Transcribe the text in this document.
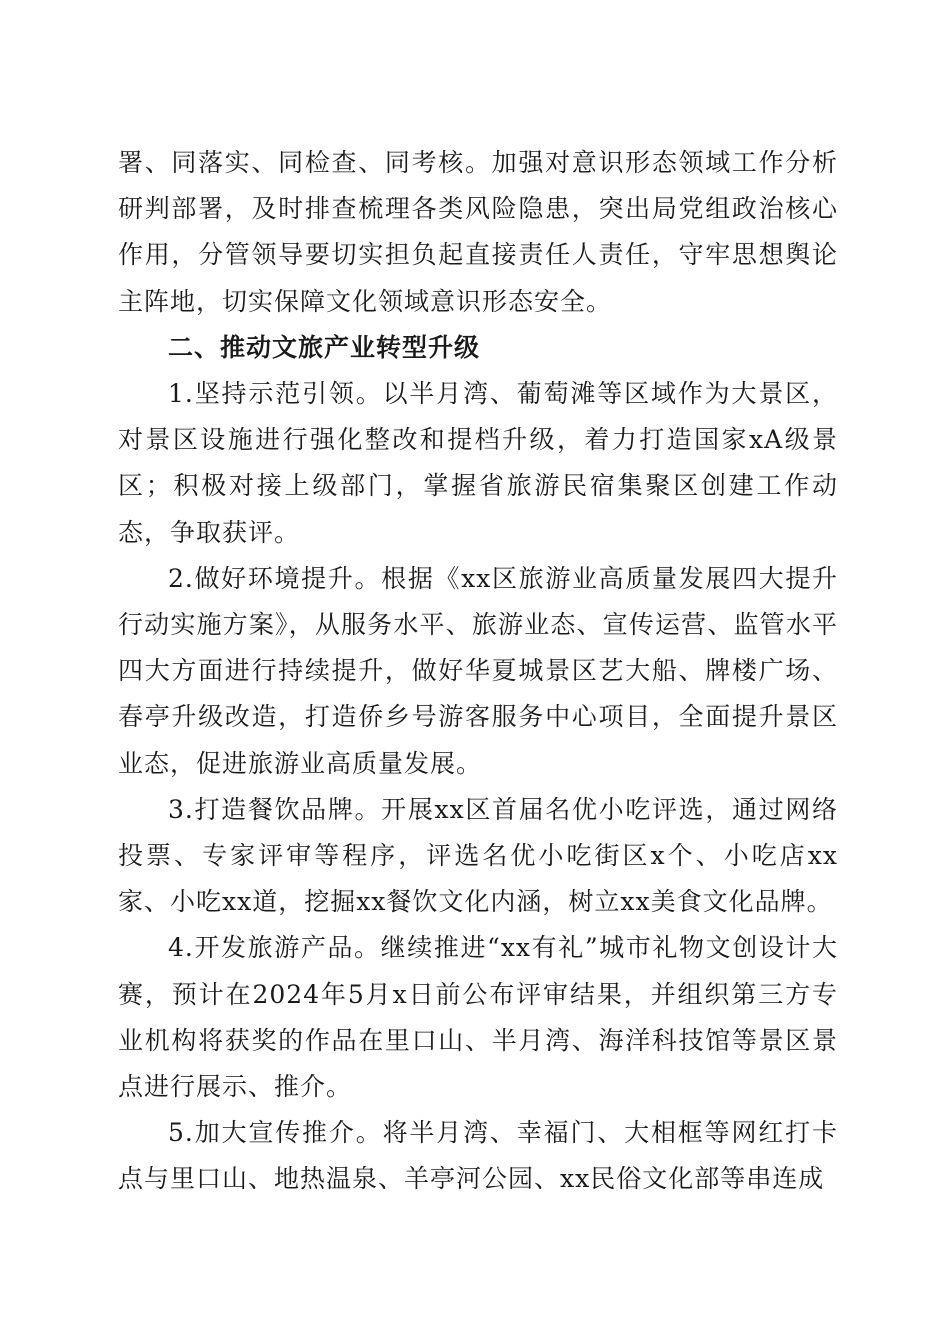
署、同落实、同检查、同考核。加强对意识形态领域工作分析研判部署，及时排查梳理各类风险隐患，突出局党组政治核心作用，分管领导要切实担负起直接责任人责任，守牢思想舆论主阵地，切实保障文化领域意识形态安全。

二、推动文旅产业转型升级

1.坚持示范引领。以半月湾、葡萄滩等区域作为大景区，对景区设施进行强化整改和提档升级，着力打造国家xA级景区；积极对接上级部门，掌握省旅游民宿集聚区创建工作动态，争取获评。

2.做好环境提升。根据《xx区旅游业高质量发展四大提升行动实施方案》，从服务水平、旅游业态、宣传运营、监管水平四大方面进行持续提升，做好华夏城景区艺大船、牌楼广场、春亭升级改造，打造侨乡号游客服务中心项目，全面提升景区业态，促进旅游业高质量发展。

3.打造餐饮品牌。开展xx区首届名优小吃评选，通过网络投票、专家评审等程序，评选名优小吃街区x个、小吃店xx家、小吃xx道，挖掘xx餐饮文化内涵，树立xx美食文化品牌。

4.开发旅游产品。继续推进“xx有礼”城市礼物文创设计大赛，预计在2024年5月x日前公布评审结果，并组织第三方专业机构将获奖的作品在里口山、半月湾、海洋科技馆等景区景点进行展示、推介。

5.加大宣传推介。将半月湾、幸福门、大相框等网红打卡点与里口山、地热温泉、羊亭河公园、xx民俗文化部等串连成
